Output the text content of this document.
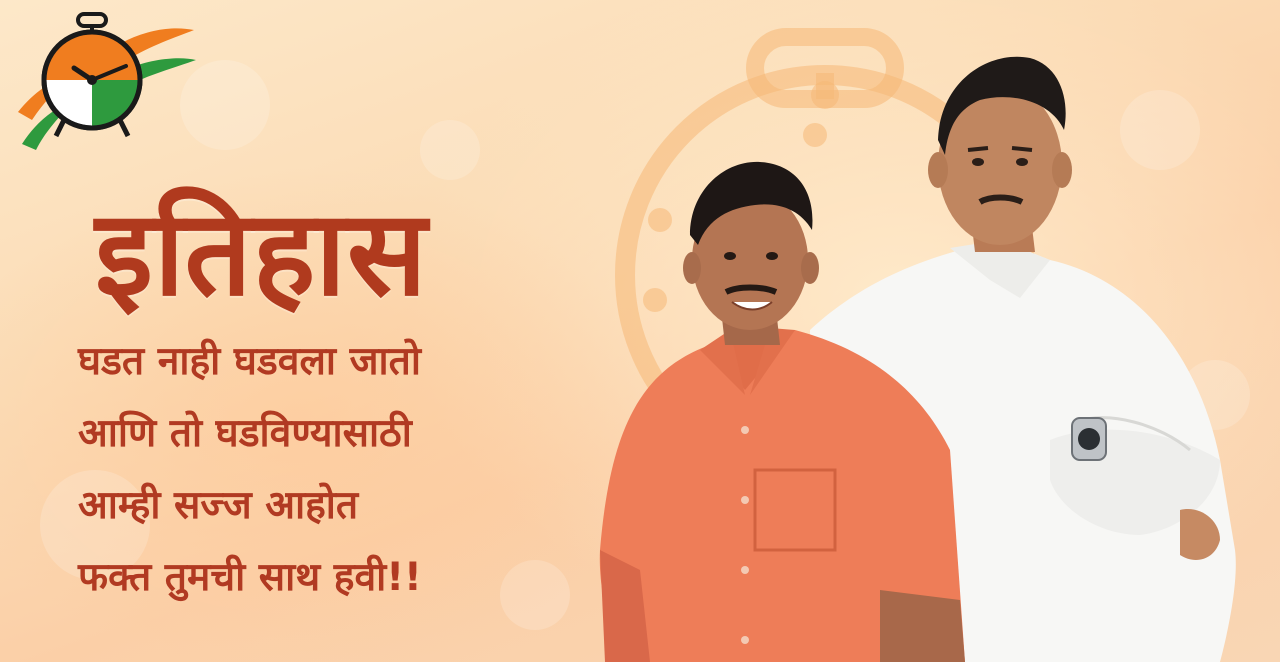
इतिहास
घडत नाही घडवला जातो
आणि तो घडविण्यासाठी
आम्ही सज्ज आहोत
फक्त तुमची साथ हवी!!
